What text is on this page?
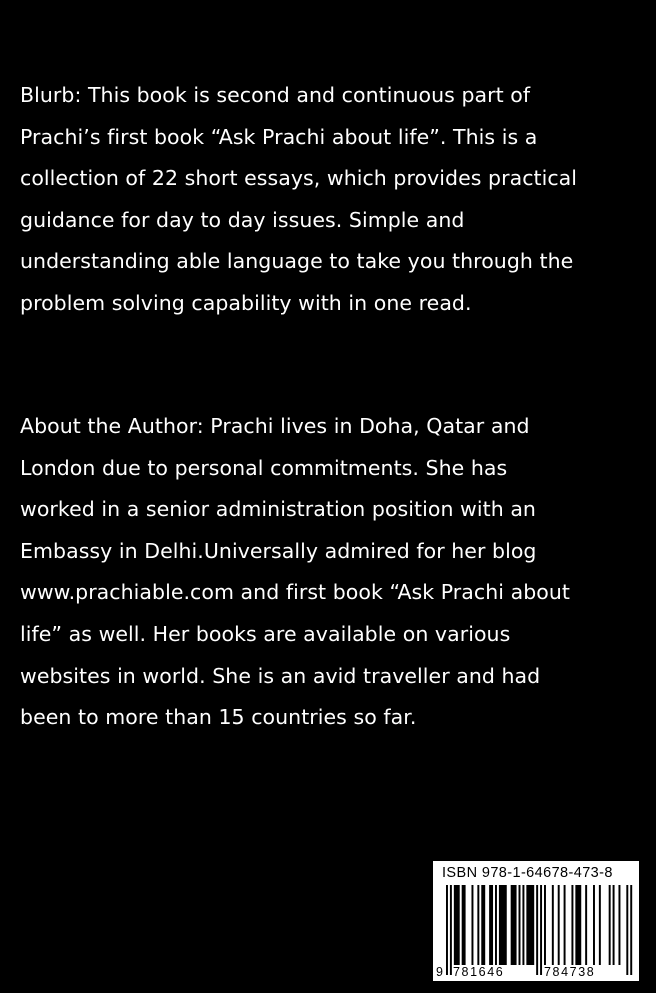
Blurb: This book is second and continuous part of
Prachi’s first book “Ask Prachi about life”. This is a
collection of 22 short essays, which provides practical
guidance for day to day issues. Simple and
understanding able language to take you through the
problem solving capability with in one read.
About the Author: Prachi lives in Doha, Qatar and
London due to personal commitments. She has
worked in a senior administration position with an
Embassy in Delhi.Universally admired for her blog
www.prachiable.com and first book “Ask Prachi about
life” as well. Her books are available on various
websites in world. She is an avid traveller and had
been to more than 15 countries so far.
ISBN 978-1-64678-473-8
9 781646	784738
